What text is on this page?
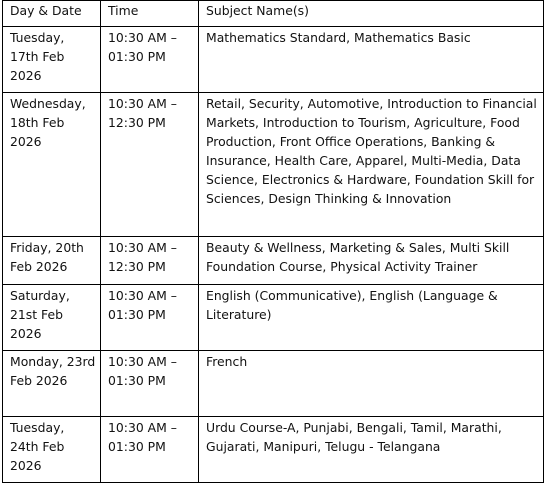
Day & Date	Time	Subject Name(s)
Tuesday, 17th Feb 2026	10:30 AM – 01:30 PM	Mathematics Standard, Mathematics Basic
Wednesday, 18th Feb 2026	10:30 AM – 12:30 PM	Retail, Security, Automotive, Introduction to Financial Markets, Introduction to Tourism, Agriculture, Food Production, Front Office Operations, Banking & Insurance, Health Care, Apparel, Multi-Media, Data Science, Electronics & Hardware, Foundation Skill for Sciences, Design Thinking & Innovation
Friday, 20th Feb 2026	10:30 AM – 12:30 PM	Beauty & Wellness, Marketing & Sales, Multi Skill Foundation Course, Physical Activity Trainer
Saturday, 21st Feb 2026	10:30 AM – 01:30 PM	English (Communicative), English (Language & Literature)
Monday, 23rd Feb 2026	10:30 AM – 01:30 PM	French
Tuesday, 24th Feb 2026	10:30 AM – 01:30 PM	Urdu Course-A, Punjabi, Bengali, Tamil, Marathi, Gujarati, Manipuri, Telugu - Telangana
